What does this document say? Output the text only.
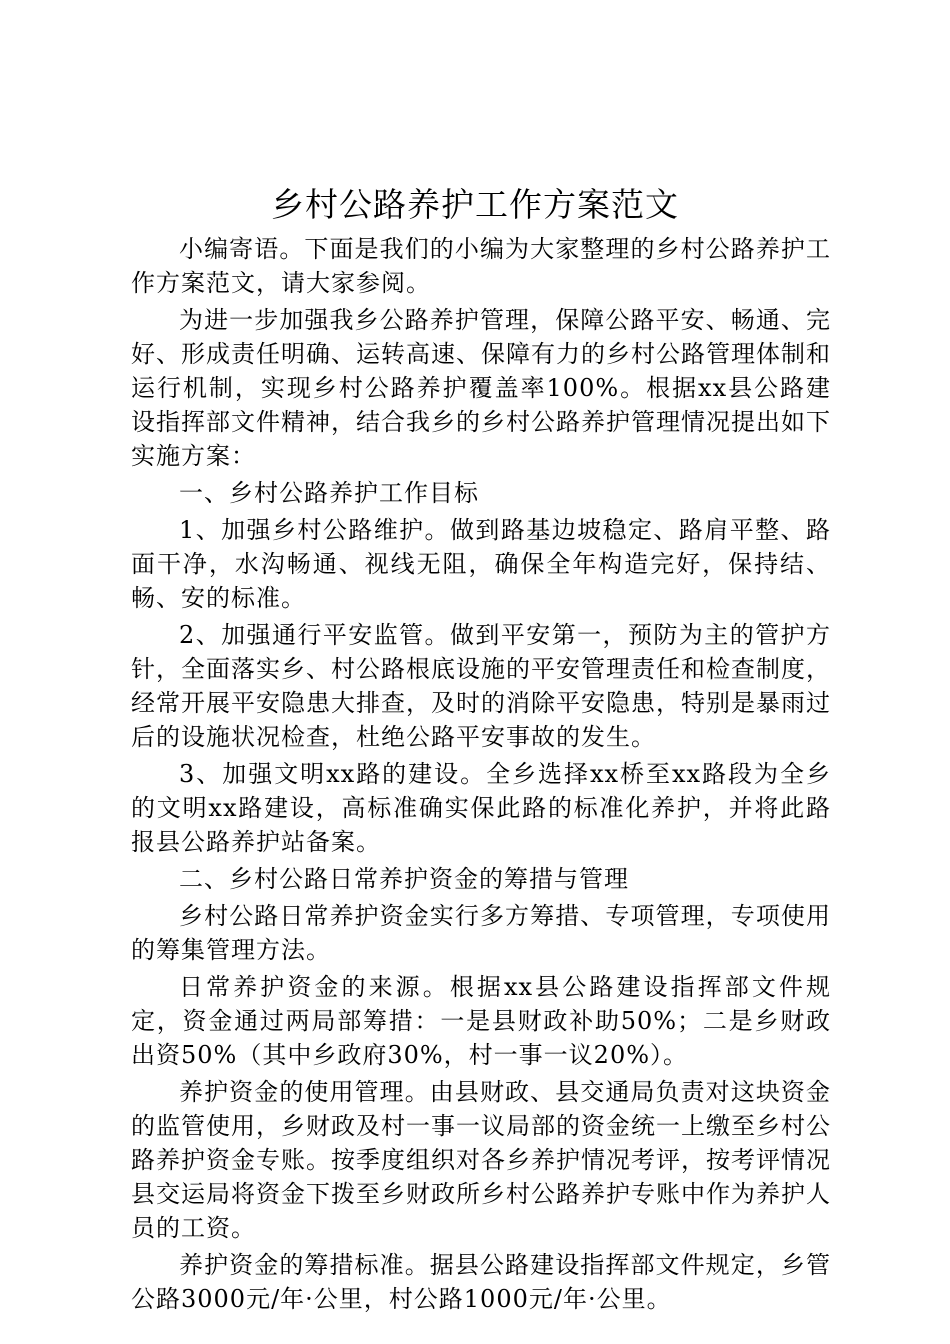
乡村公路养护工作方案范文

小编寄语。下面是我们的小编为大家整理的乡村公路养护工作方案范文，请大家参阅。

为进一步加强我乡公路养护管理，保障公路平安、畅通、完好、形成责任明确、运转高速、保障有力的乡村公路管理体制和运行机制，实现乡村公路养护覆盖率100%。根据xx县公路建设指挥部文件精神，结合我乡的乡村公路养护管理情况提出如下实施方案：

一、乡村公路养护工作目标

1、加强乡村公路维护。做到路基边坡稳定、路肩平整、路面干净，水沟畅通、视线无阻，确保全年构造完好，保持结、畅、安的标准。

2、加强通行平安监管。做到平安第一，预防为主的管护方针，全面落实乡、村公路根底设施的平安管理责任和检查制度，经常开展平安隐患大排查，及时的消除平安隐患，特别是暴雨过后的设施状况检查，杜绝公路平安事故的发生。

3、加强文明xx路的建设。全乡选择xx桥至xx路段为全乡的文明xx路建设，高标准确实保此路的标准化养护，并将此路报县公路养护站备案。

二、乡村公路日常养护资金的筹措与管理

乡村公路日常养护资金实行多方筹措、专项管理，专项使用的筹集管理方法。

日常养护资金的来源。根据xx县公路建设指挥部文件规定，资金通过两局部筹措：一是县财政补助50%；二是乡财政出资50%（其中乡政府30%，村一事一议20%）。

养护资金的使用管理。由县财政、县交通局负责对这块资金的监管使用，乡财政及村一事一议局部的资金统一上缴至乡村公路养护资金专账。按季度组织对各乡养护情况考评，按考评情况县交运局将资金下拨至乡财政所乡村公路养护专账中作为养护人员的工资。

养护资金的筹措标准。据县公路建设指挥部文件规定，乡管公路3000元/年·公里，村公路1000元/年·公里。
